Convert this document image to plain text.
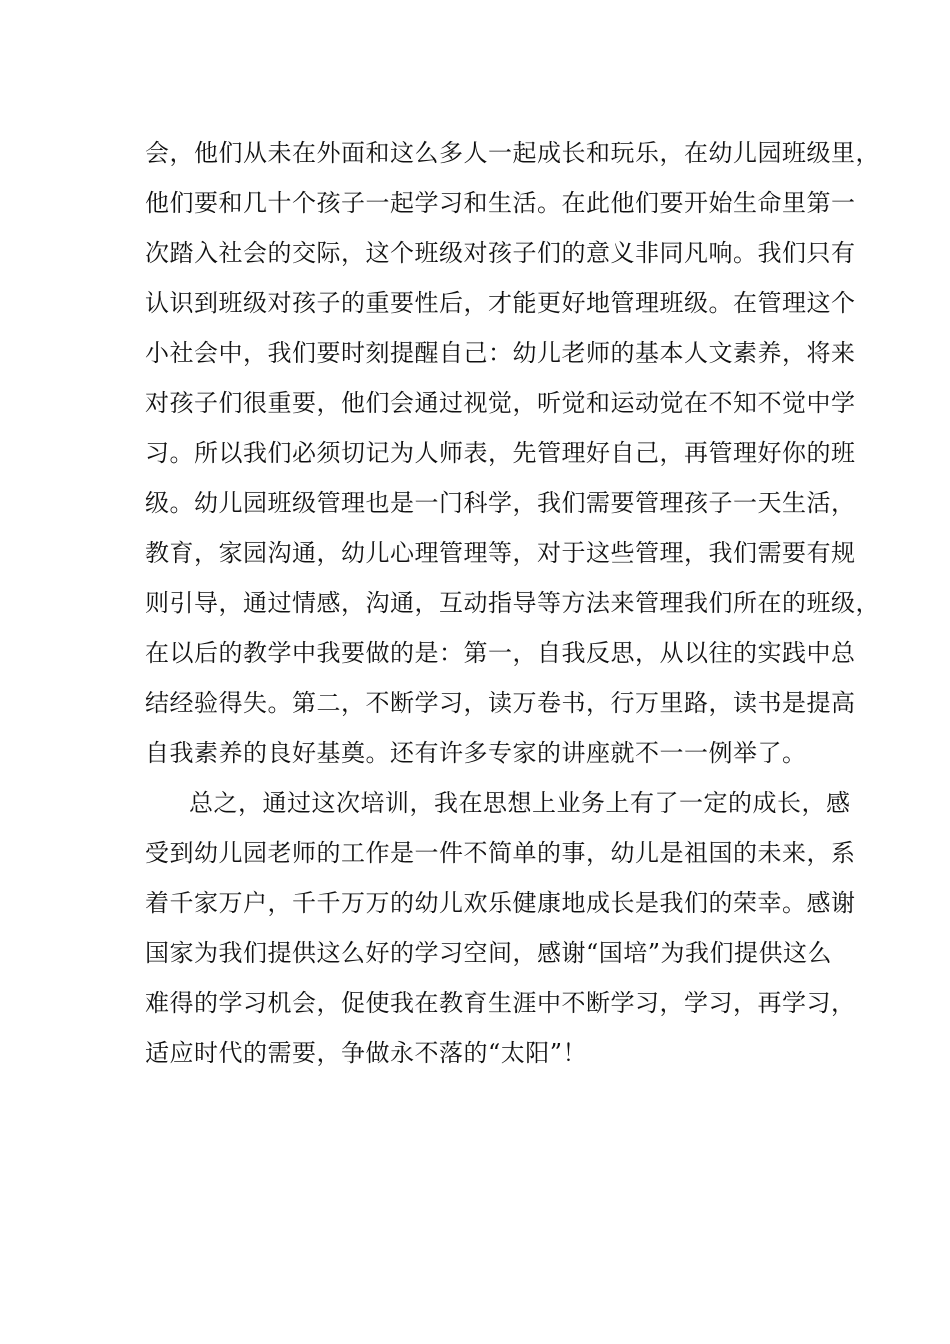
会，他们从未在外面和这么多人一起成长和玩乐，在幼儿园班级里，
他们要和几十个孩子一起学习和生活。在此他们要开始生命里第一
次踏入社会的交际，这个班级对孩子们的意义非同凡响。我们只有
认识到班级对孩子的重要性后，才能更好地管理班级。在管理这个
小社会中，我们要时刻提醒自己：幼儿老师的基本人文素养，将来
对孩子们很重要，他们会通过视觉，听觉和运动觉在不知不觉中学
习。所以我们必须切记为人师表，先管理好自己，再管理好你的班
级。幼儿园班级管理也是一门科学，我们需要管理孩子一天生活，
教育，家园沟通，幼儿心理管理等，对于这些管理，我们需要有规
则引导，通过情感，沟通，互动指导等方法来管理我们所在的班级，
在以后的教学中我要做的是：第一，自我反思，从以往的实践中总
结经验得失。第二，不断学习，读万卷书，行万里路，读书是提高
自我素养的良好基奠。还有许多专家的讲座就不一一例举了。
总之，通过这次培训，我在思想上业务上有了一定的成长，感
受到幼儿园老师的工作是一件不简单的事，幼儿是祖国的未来，系
着千家万户，千千万万的幼儿欢乐健康地成长是我们的荣幸。感谢
国家为我们提供这么好的学习空间，感谢“国培”为我们提供这么
难得的学习机会，促使我在教育生涯中不断学习，学习，再学习，
适应时代的需要，争做永不落的“太阳”！
